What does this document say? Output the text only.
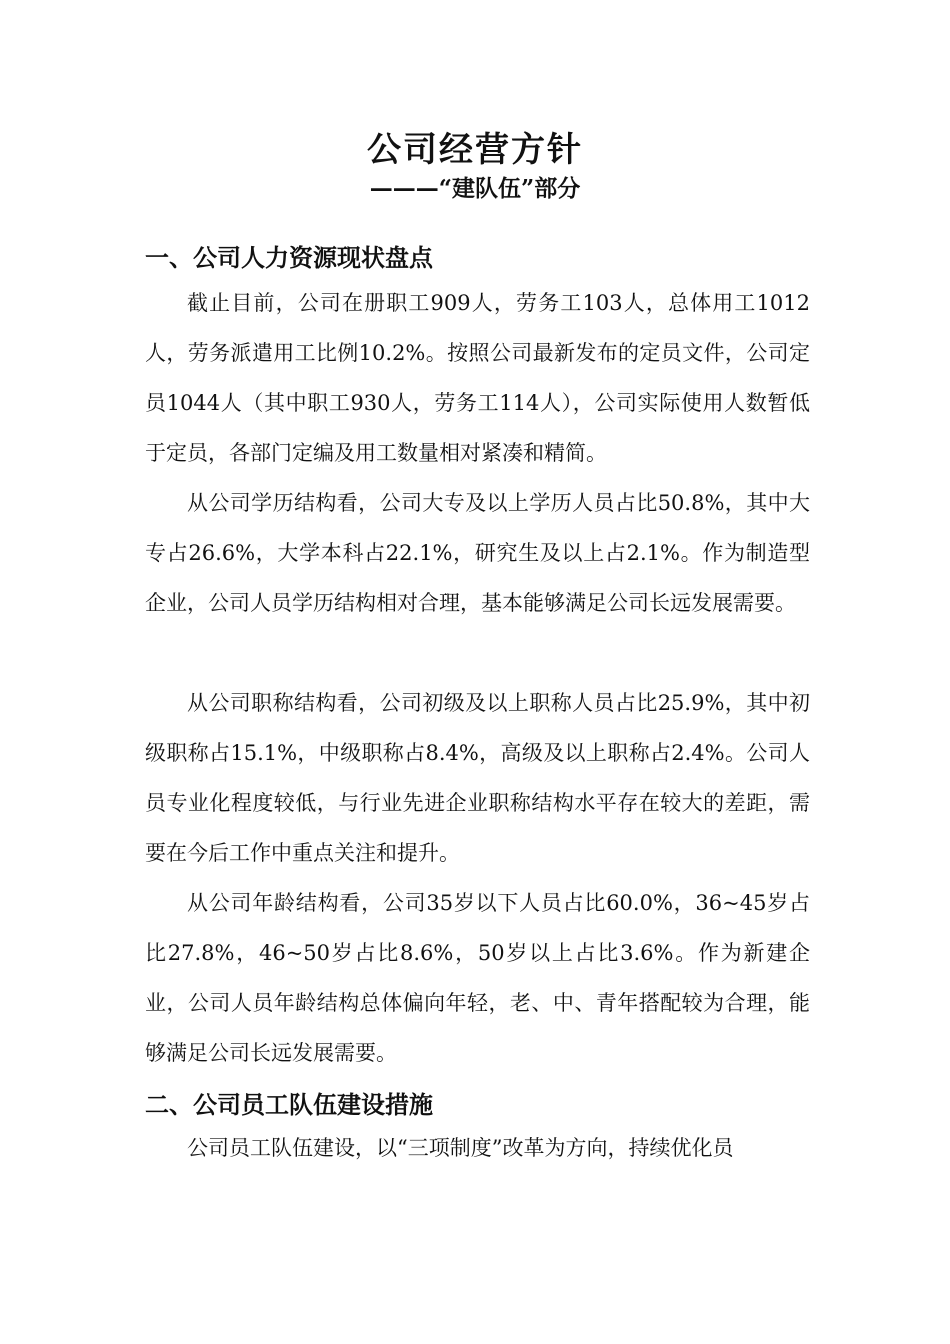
公司经营方针
———“建队伍”部分
一、公司人力资源现状盘点
截止目前，公司在册职工909人，劳务工103人，总体用工1012人，劳务派遣用工比例10.2%。按照公司最新发布的定员文件，公司定员1044人（其中职工930人，劳务工114人），公司实际使用人数暂低于定员，各部门定编及用工数量相对紧凑和精简。
从公司学历结构看，公司大专及以上学历人员占比50.8%，其中大专占26.6%，大学本科占22.1%，研究生及以上占2.1%。作为制造型企业，公司人员学历结构相对合理，基本能够满足公司长远发展需要。
从公司职称结构看，公司初级及以上职称人员占比25.9%，其中初级职称占15.1%，中级职称占8.4%，高级及以上职称占2.4%。公司人员专业化程度较低，与行业先进企业职称结构水平存在较大的差距，需要在今后工作中重点关注和提升。
从公司年龄结构看，公司35岁以下人员占比60.0%，36~45岁占比27.8%，46~50岁占比8.6%，50岁以上占比3.6%。作为新建企业，公司人员年龄结构总体偏向年轻，老、中、青年搭配较为合理，能够满足公司长远发展需要。
二、公司员工队伍建设措施
公司员工队伍建设，以“三项制度”改革为方向，持续优化员
